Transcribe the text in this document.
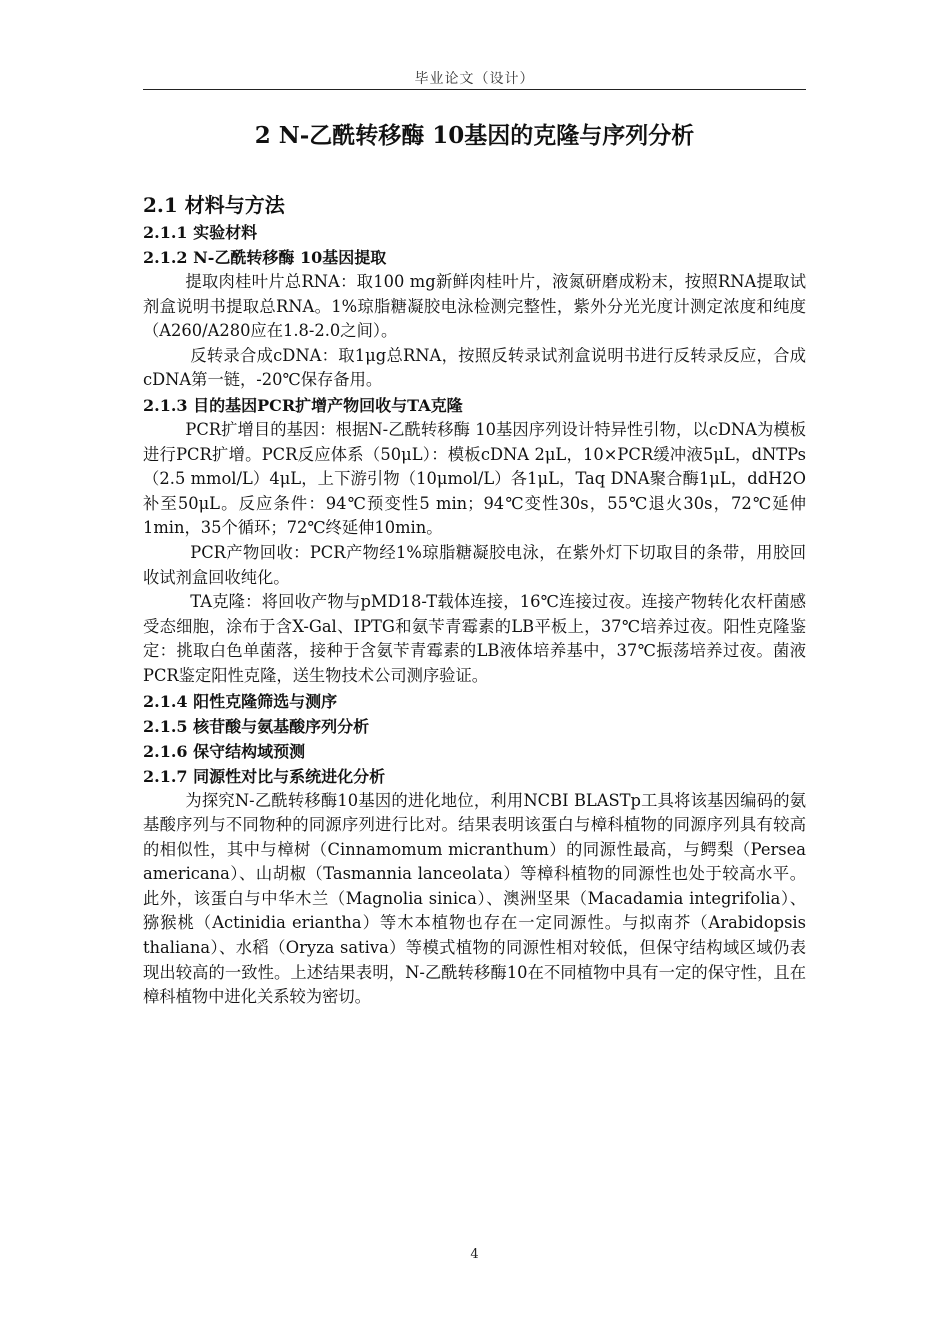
毕业论文（设计）
2 N-乙酰转移酶 10基因的克隆与序列分析

2.1 材料与方法

2.1.1 实验材料

2.1.2 N-乙酰转移酶 10基因提取

提取肉桂叶片总RNA：取100 mg新鲜肉桂叶片，液氮研磨成粉末，按照RNA提取试剂盒说明书提取总RNA。1%琼脂糖凝胶电泳检测完整性，紫外分光光度计测定浓度和纯度（A260/A280应在1.8-2.0之间）。

反转录合成cDNA：取1μg总RNA，按照反转录试剂盒说明书进行反转录反应，合成cDNA第一链，-20℃保存备用。

2.1.3 目的基因PCR扩增产物回收与TA克隆

PCR扩增目的基因：根据N-乙酰转移酶 10基因序列设计特异性引物，以cDNA为模板进行PCR扩增。PCR反应体系（50μL）：模板cDNA 2μL，10×PCR缓冲液5μL，dNTPs（2.5 mmol/L）4μL，上下游引物（10μmol/L）各1μL，Taq DNA聚合酶1μL，ddH2O补至50μL。反应条件：94℃预变性5 min；94℃变性30s，55℃退火30s，72℃延伸1min，35个循环；72℃终延伸10min。

PCR产物回收：PCR产物经1%琼脂糖凝胶电泳，在紫外灯下切取目的条带，用胶回收试剂盒回收纯化。

TA克隆：将回收产物与pMD18-T载体连接，16℃连接过夜。连接产物转化农杆菌感受态细胞，涂布于含X-Gal、IPTG和氨苄青霉素的LB平板上，37℃培养过夜。阳性克隆鉴定：挑取白色单菌落，接种于含氨苄青霉素的LB液体培养基中，37℃振荡培养过夜。菌液PCR鉴定阳性克隆，送生物技术公司测序验证。

2.1.4 阳性克隆筛选与测序

2.1.5 核苷酸与氨基酸序列分析

2.1.6 保守结构域预测

2.1.7 同源性对比与系统进化分析

为探究N-乙酰转移酶10基因的进化地位，利用NCBI BLASTp工具将该基因编码的氨基酸序列与不同物种的同源序列进行比对。结果表明该蛋白与樟科植物的同源序列具有较高的相似性，其中与樟树（Cinnamomum micranthum）的同源性最高，与鳄梨（Persea americana）、山胡椒（Tasmannia lanceolata）等樟科植物的同源性也处于较高水平。此外，该蛋白与中华木兰（Magnolia sinica）、澳洲坚果（Macadamia integrifolia）、猕猴桃（Actinidia eriantha）等木本植物也存在一定同源性。与拟南芥（Arabidopsis thaliana）、水稻（Oryza sativa）等模式植物的同源性相对较低，但保守结构域区域仍表现出较高的一致性。上述结果表明，N-乙酰转移酶10在不同植物中具有一定的保守性，且在樟科植物中进化关系较为密切。

4
